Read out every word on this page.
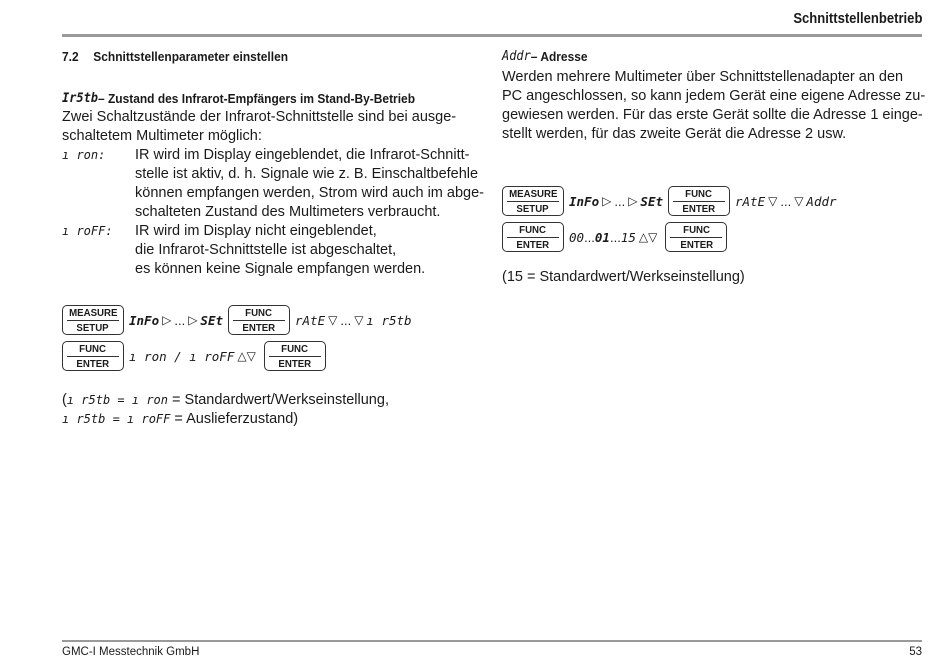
Schnittstellenbetrieb
7.2	Schnittstellenparameter einstellen
Ir5tb – Zustand des Infrarot-Empfängers im Stand-By-Betrieb
Zwei Schaltzustände der Infrarot-Schnittstelle sind bei ausge-
schaltetem Multimeter möglich:
ı ron:	IR wird im Display eingeblendet, die Infrarot-Schnitt-
stelle ist aktiv, d. h. Signale wie z. B. Einschaltbefehle
können empfangen werden, Strom wird auch im abge-
schalteten Zustand des Multimeters verbraucht.
ı roFF:	IR wird im Display nicht eingeblendet,
die Infrarot-Schnittstelle ist abgeschaltet,
es können keine Signale empfangen werden.
MEASURE
SETUP InFo ▷ ... ▷ SEt FUNC
ENTER rAtE ▽ ... ▽ ı r5tb
FUNC
ENTER ı ron / ı roFF △▽
FUNC
ENTER
(ı r5tb = ı ron = Standardwert/Werkseinstellung,
ı r5tb = ı roFF = Auslieferzustand)
Addr – Adresse
Werden mehrere Multimeter über Schnittstellenadapter an den
PC angeschlossen, so kann jedem Gerät eine eigene Adresse zu-
gewiesen werden. Für das erste Gerät sollte die Adresse 1 einge-
stellt werden, für das zweite Gerät die Adresse 2 usw.
MEASURE
SETUP InFo ▷ ... ▷ SEt FUNC
ENTER rAtE ▽ ... ▽ Addr
FUNC
ENTER 00 ... 01 ... 15 △▽
FUNC
ENTER
(15 = Standardwert/Werkseinstellung)
GMC-I Messtechnik GmbH	53
